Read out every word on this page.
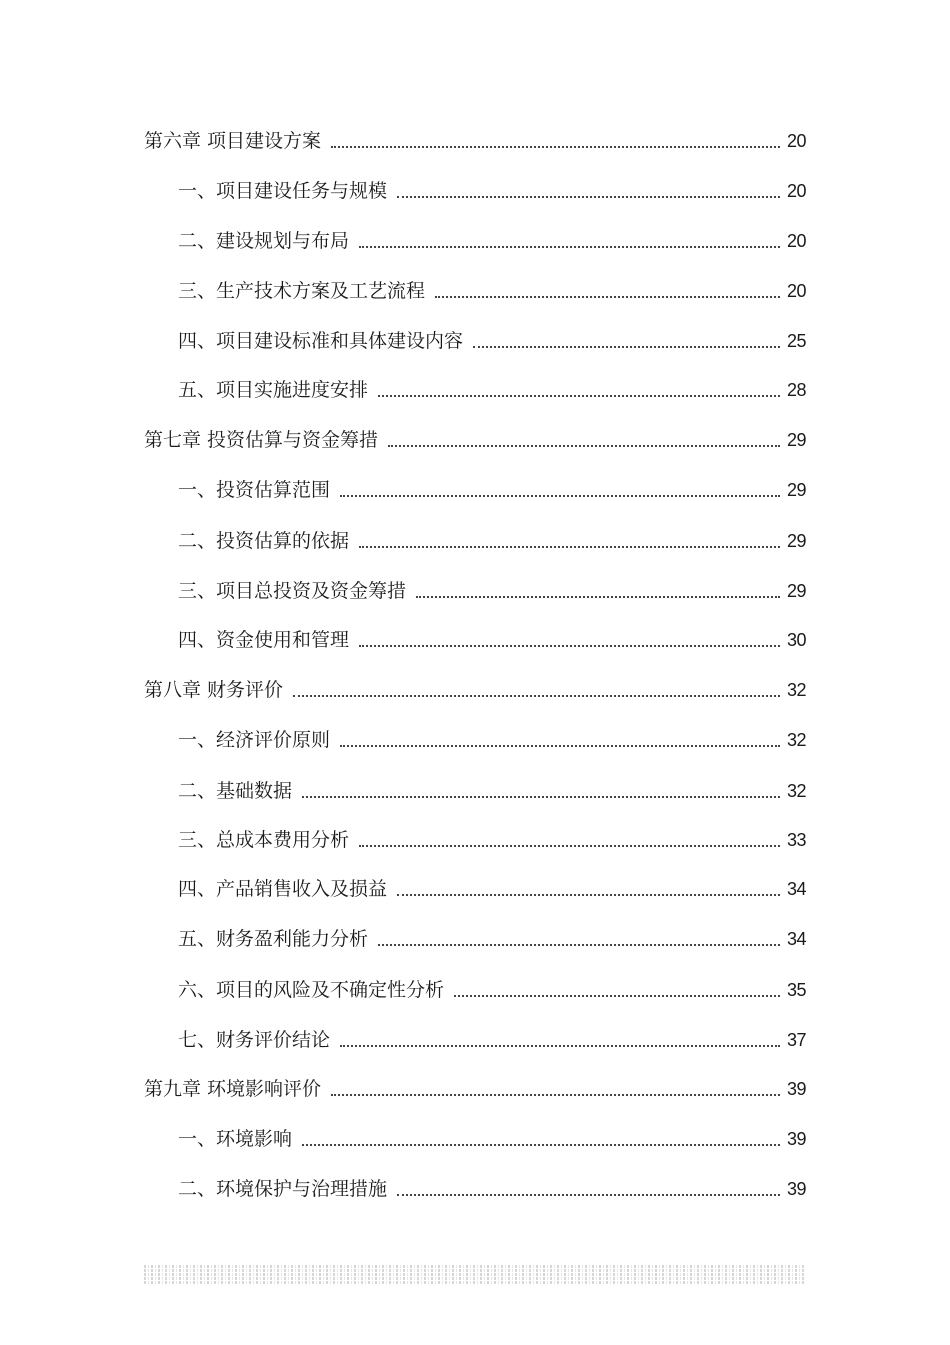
第六章 项目建设方案	20
一、项目建设任务与规模	20
二、建设规划与布局	20
三、生产技术方案及工艺流程	20
四、项目建设标准和具体建设内容	25
五、项目实施进度安排	28
第七章 投资估算与资金筹措	29
一、投资估算范围	29
二、投资估算的依据	29
三、项目总投资及资金筹措	29
四、资金使用和管理	30
第八章 财务评价	32
一、经济评价原则	32
二、基础数据	32
三、总成本费用分析	33
四、产品销售收入及损益	34
五、财务盈利能力分析	34
六、项目的风险及不确定性分析	35
七、财务评价结论	37
第九章 环境影响评价	39
一、环境影响	39
二、环境保护与治理措施	39
